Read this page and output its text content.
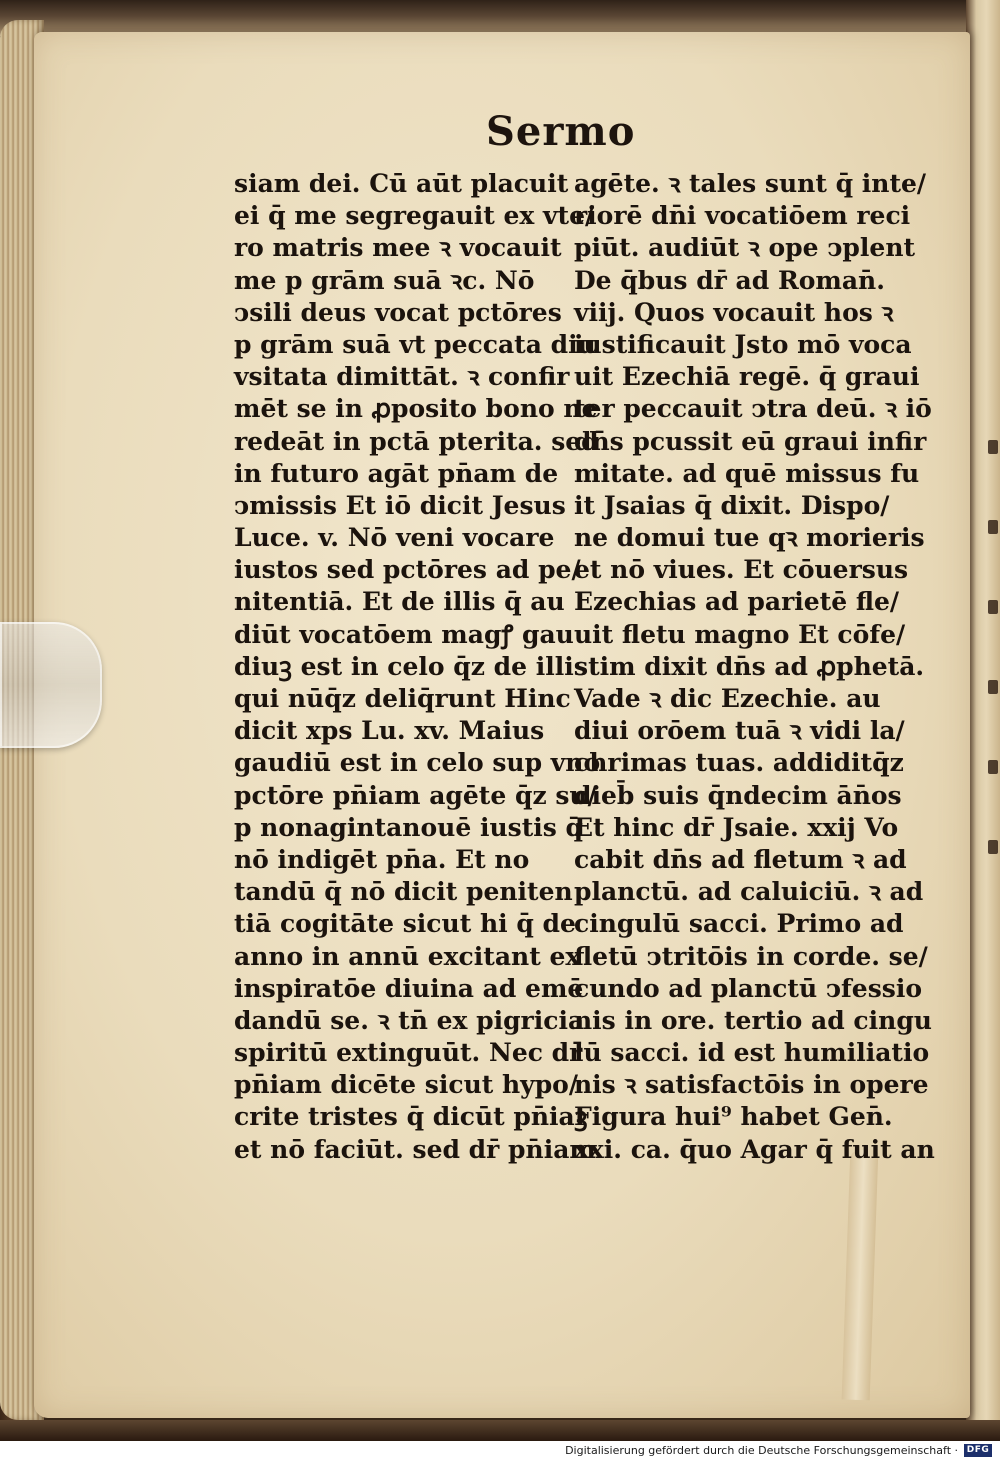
Sermo
siam dei. Cū aūt placuit
ei q̄ me segregauit ex vte/
ro matris mee ꝛ vocauit
me p grām suā ꝛc. Nō
ↄsili deus vocat pctōres
p grām suā vt peccata diu
vsitata dimittāt. ꝛ confir
mēt se in ꝓposito bono ne
redeāt in pctā pterita. sed
in futuro agāt pn̄am de
ↄmissis Et iō dicit Jesus
Luce. v. Nō veni vocare
iustos sed pctōres ad pe/
nitentiā. Et de illis q̄ au
diūt vocatōem magꝭ gau
diuꝫ est in celo q̄z de illis
qui nūq̄z deliq̄runt Hinc
dicit xps Lu. xv. Maius
gaudiū est in celo sup vno
pctōre pn̄iam agēte q̄z su/
p nonagintanouē iustis q̄
nō indigēt pn̄a. Et no
tandū q̄ nō dicit peniten
tiā cogitāte sicut hi q̄ de
anno in annū excitant ex
inspiratōe diuina ad emē
dandū se. ꝛ tn̄ ex pigricia
spiritū extinguūt. Nec dr̄
pn̄iam dicēte sicut hypo/
crite tristes q̄ dicūt pn̄iaꝫ
et nō faciūt. sed dr̄ pn̄iam
agēte. ꝛ tales sunt q̄ inte/
riorē dn̄i vocatiōem reci
piūt. audiūt ꝛ ope ↄplent
De q̄bus dr̄ ad Roman̄.
viij. Quos vocauit hos ꝛ
iustificauit Jsto mō voca
uit Ezechiā regē. q̄ graui
ter peccauit ↄtra deū. ꝛ iō
dn̄s pcussit eū graui infir
mitate. ad quē missus fu
it Jsaias q̄ dixit. Dispo/
ne domui tue qꝛ morieris
et nō viues. Et cōuersus
Ezechias ad parietē fle/
uit fletu magno Et cōfe/
stim dixit dn̄s ad ꝓphetā.
Vade ꝛ dic Ezechie. au
diui orōem tuā ꝛ vidi la/
chrimas tuas. addiditq̄z
dieb̄ suis q̄ndecim ān̄os
Et hinc dr̄ Jsaie. xxij Vo
cabit dn̄s ad fletum ꝛ ad
planctū. ad caluiciū. ꝛ ad
cingulū sacci. Primo ad
fletū ↄtritōis in corde. se/
cundo ad planctū ↄfessio
nis in ore. tertio ad cingu
lū sacci. id est humiliatio
nis ꝛ satisfactōis in opere
Figura hui⁹ habet Gen̄.
xxi. ca. q̄uo Agar q̄ fuit an
Digitalisierung gefördert durch die Deutsche Forschungsgemeinschaft · DFG
